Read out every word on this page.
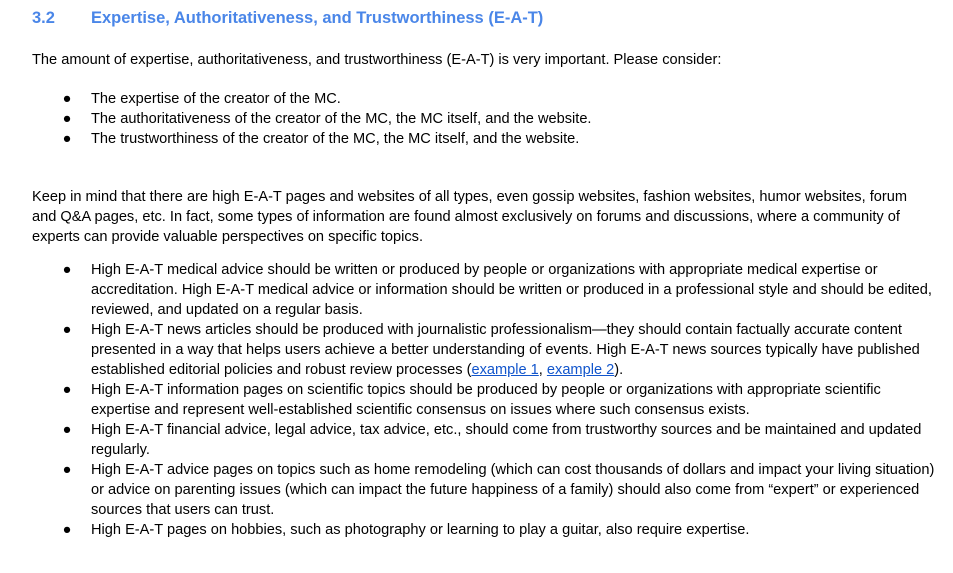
3.2 Expertise, Authoritativeness, and Trustworthiness (E-A-T)
The amount of expertise, authoritativeness, and trustworthiness (E-A-T) is very important. Please consider:
● The expertise of the creator of the MC.
● The authoritativeness of the creator of the MC, the MC itself, and the website.
● The trustworthiness of the creator of the MC, the MC itself, and the website.
Keep in mind that there are high E-A-T pages and websites of all types, even gossip websites, fashion websites, humor websites, forum and Q&A pages, etc. In fact, some types of information are found almost exclusively on forums and discussions, where a community of experts can provide valuable perspectives on specific topics.
● High E-A-T medical advice should be written or produced by people or organizations with appropriate medical expertise or accreditation. High E-A-T medical advice or information should be written or produced in a professional style and should be edited, reviewed, and updated on a regular basis.
● High E-A-T news articles should be produced with journalistic professionalism—they should contain factually accurate content presented in a way that helps users achieve a better understanding of events. High E-A-T news sources typically have published established editorial policies and robust review processes (example 1, example 2).
● High E-A-T information pages on scientific topics should be produced by people or organizations with appropriate scientific expertise and represent well-established scientific consensus on issues where such consensus exists.
● High E-A-T financial advice, legal advice, tax advice, etc., should come from trustworthy sources and be maintained and updated regularly.
● High E-A-T advice pages on topics such as home remodeling (which can cost thousands of dollars and impact your living situation) or advice on parenting issues (which can impact the future happiness of a family) should also come from “expert” or experienced sources that users can trust.
● High E-A-T pages on hobbies, such as photography or learning to play a guitar, also require expertise.
